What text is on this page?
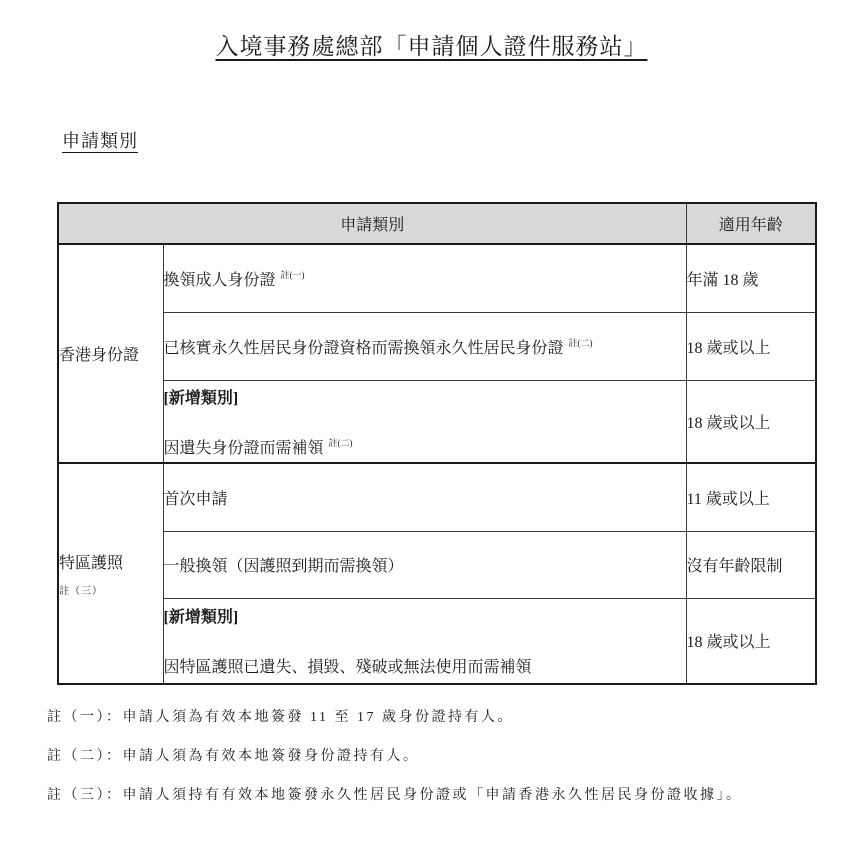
入境事務處總部「申請個人證件服務站」
申請類別
申請類別		適用年齡
香港身份證	換領成人身份證 $^{註(一)}$	年滿 18 歲
	已核實永久性居民身份證資格而需換領永久性居民身份證 $^{註(二)}$	18 歲或以上

	[新增類別]
因遺失身份證而需補領 $^{註(二)}$	18 歲或以上
特區護照
註（三）	首次申請	11 歲或以上
	一般換領（因護照到期而需換領）	沒有年齡限制

	[新增類別]
因特區護照已遺失、損毀、殘破或無法使用而需補領	18 歲或以上

註（一）：申請人須為有效本地簽發 11 至 17 歲身份證持有人。

註（二）：申請人須為有效本地簽發身份證持有人。

註（三）：申請人須持有有效本地簽發永久性居民身份證或「申請香港永久性居民身份證收據」。
